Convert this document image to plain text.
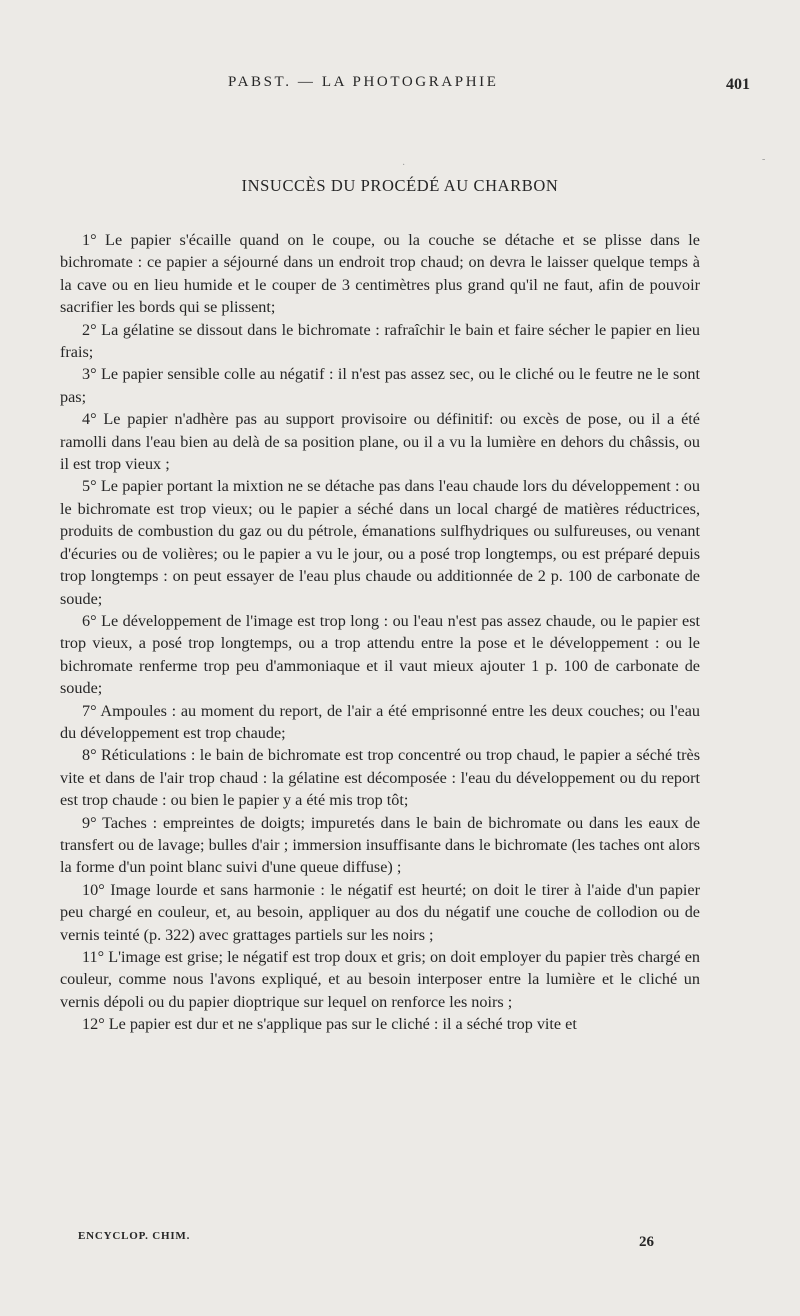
PABST. — LA PHOTOGRAPHIE	401
·
-
INSUCCÈS DU PROCÉDÉ AU CHARBON

1° Le papier s'écaille quand on le coupe, ou la couche se détache et se plisse dans le bichromate : ce papier a séjourné dans un endroit trop chaud; on devra le laisser quelque temps à la cave ou en lieu humide et le couper de 3 centimètres plus grand qu'il ne faut, afin de pouvoir sacrifier les bords qui se plissent;

2° La gélatine se dissout dans le bichromate : rafraîchir le bain et faire sécher le papier en lieu frais;

3° Le papier sensible colle au négatif : il n'est pas assez sec, ou le cliché ou le feutre ne le sont pas;

4° Le papier n'adhère pas au support provisoire ou définitif: ou excès de pose, ou il a été ramolli dans l'eau bien au delà de sa position plane, ou il a vu la lumière en dehors du châssis, ou il est trop vieux ;

5° Le papier portant la mixtion ne se détache pas dans l'eau chaude lors du développement : ou le bichromate est trop vieux; ou le papier a séché dans un local chargé de matières réductrices, produits de combustion du gaz ou du pétrole, émanations sulfhydriques ou sulfureuses, ou venant d'écuries ou de volières; ou le papier a vu le jour, ou a posé trop longtemps, ou est préparé depuis trop longtemps : on peut essayer de l'eau plus chaude ou additionnée de 2 p. 100 de carbonate de soude;

6° Le développement de l'image est trop long : ou l'eau n'est pas assez chaude, ou le papier est trop vieux, a posé trop longtemps, ou a trop attendu entre la pose et le développement : ou le bichromate renferme trop peu d'ammoniaque et il vaut mieux ajouter 1 p. 100 de carbonate de soude;

7° Ampoules : au moment du report, de l'air a été emprisonné entre les deux couches; ou l'eau du développement est trop chaude;

8° Réticulations : le bain de bichromate est trop concentré ou trop chaud, le papier a séché très vite et dans de l'air trop chaud : la gélatine est décomposée : l'eau du développement ou du report est trop chaude : ou bien le papier y a été mis trop tôt;

9° Taches : empreintes de doigts; impuretés dans le bain de bichromate ou dans les eaux de transfert ou de lavage; bulles d'air ; immersion insuffisante dans le bichromate (les taches ont alors la forme d'un point blanc suivi d'une queue diffuse) ;

10° Image lourde et sans harmonie : le négatif est heurté; on doit le tirer à l'aide d'un papier peu chargé en couleur, et, au besoin, appliquer au dos du négatif une couche de collodion ou de vernis teinté (p. 322) avec grattages partiels sur les noirs ;

11° L'image est grise; le négatif est trop doux et gris; on doit employer du papier très chargé en couleur, comme nous l'avons expliqué, et au besoin interposer entre la lumière et le cliché un vernis dépoli ou du papier dioptrique sur lequel on renforce les noirs ;

12° Le papier est dur et ne s'applique pas sur le cliché : il a séché trop vite et

ENCYCLOP. CHIM.	26
